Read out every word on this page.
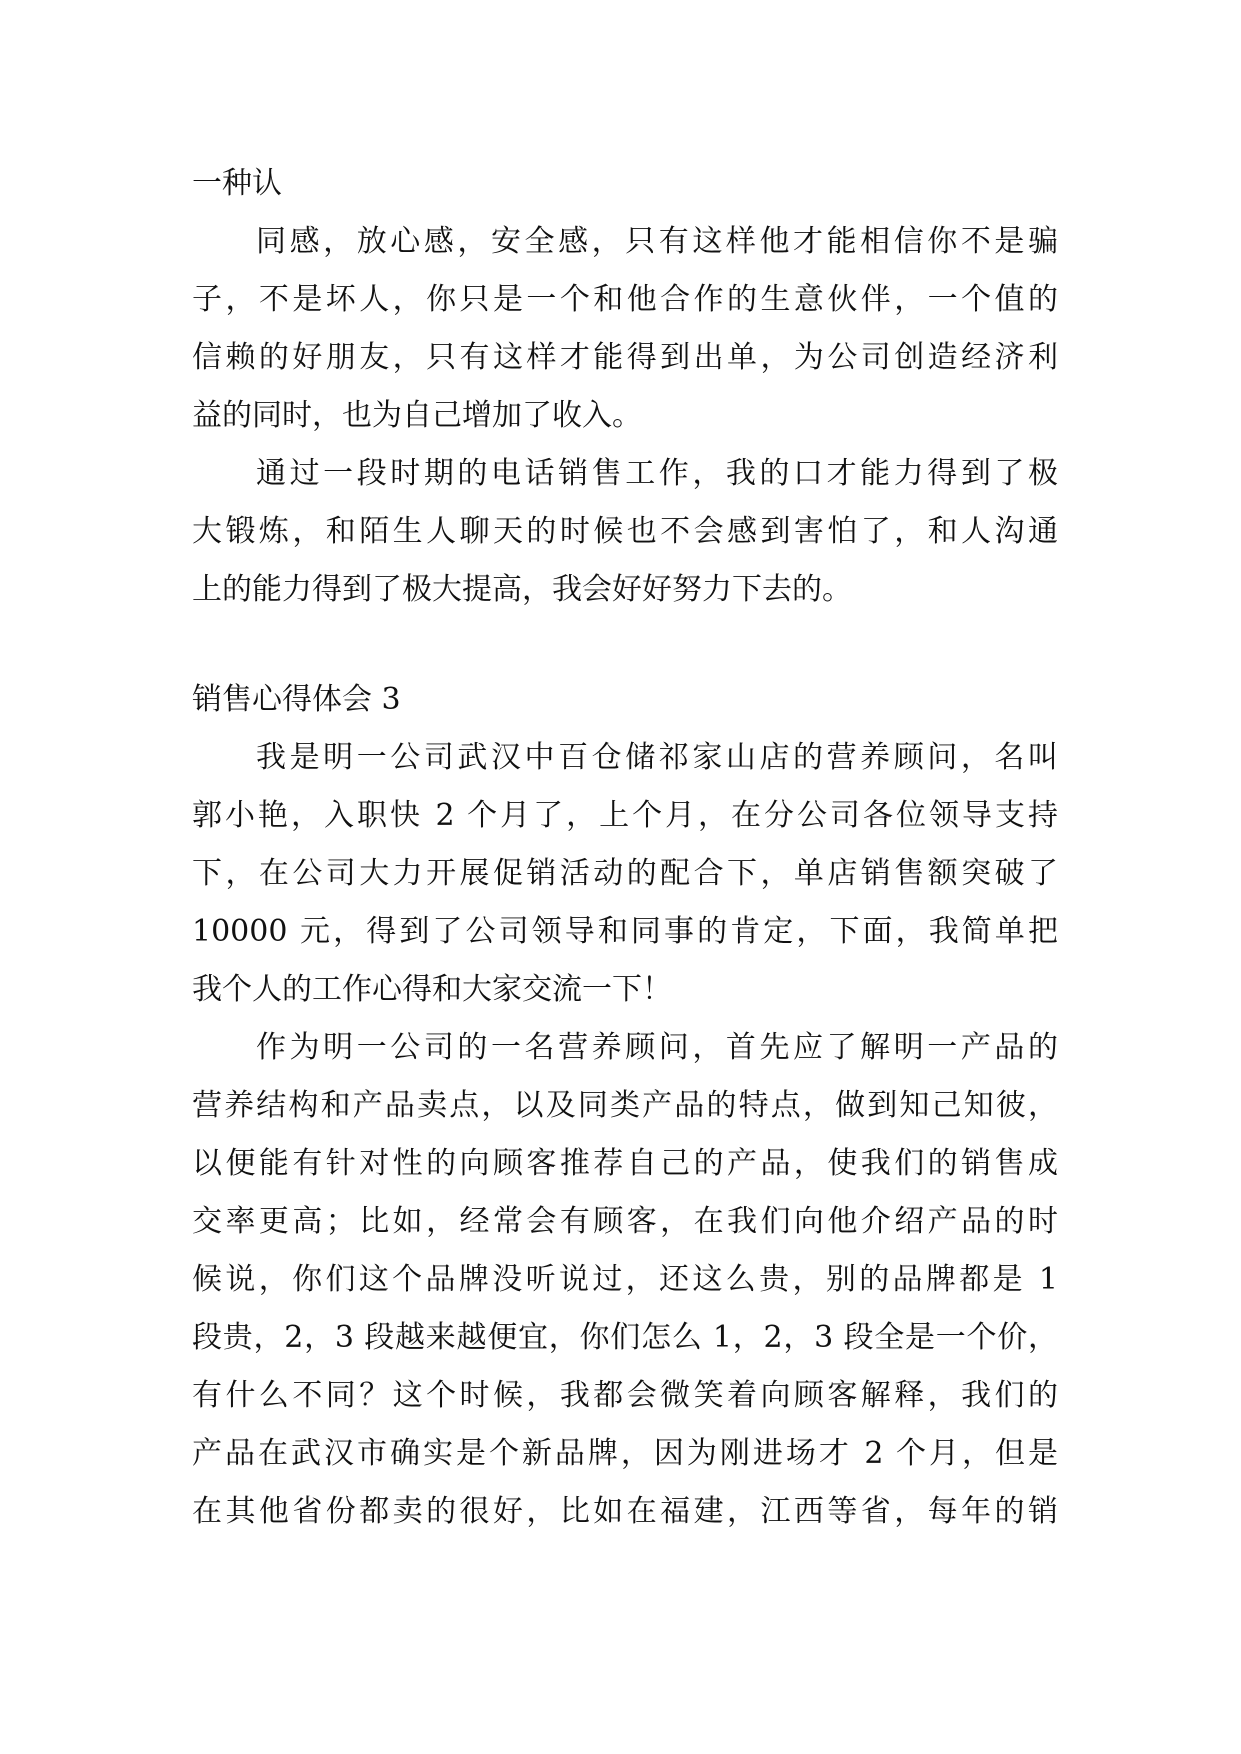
一种认
同感，放心感，安全感，只有这样他才能相信你不是骗
子，不是坏人，你只是一个和他合作的生意伙伴，一个值的
信赖的好朋友，只有这样才能得到出单，为公司创造经济利
益的同时，也为自己增加了收入。
通过一段时期的电话销售工作，我的口才能力得到了极
大锻炼，和陌生人聊天的时候也不会感到害怕了，和人沟通
上的能力得到了极大提高，我会好好努力下去的。
销售心得体会 3
我是明一公司武汉中百仓储祁家山店的营养顾问，名叫
郭小艳，入职快 2 个月了，上个月，在分公司各位领导支持
下，在公司大力开展促销活动的配合下，单店销售额突破了
10000 元，得到了公司领导和同事的肯定，下面，我简单把
我个人的工作心得和大家交流一下！
作为明一公司的一名营养顾问，首先应了解明一产品的
营养结构和产品卖点，以及同类产品的特点，做到知己知彼，
以便能有针对性的向顾客推荐自己的产品，使我们的销售成
交率更高；比如，经常会有顾客，在我们向他介绍产品的时
候说，你们这个品牌没听说过，还这么贵，别的品牌都是 1
段贵，2，3 段越来越便宜，你们怎么 1，2，3 段全是一个价，
有什么不同？这个时候，我都会微笑着向顾客解释，我们的
产品在武汉市确实是个新品牌，因为刚进场才 2 个月，但是
在其他省份都卖的很好，比如在福建，江西等省，每年的销
